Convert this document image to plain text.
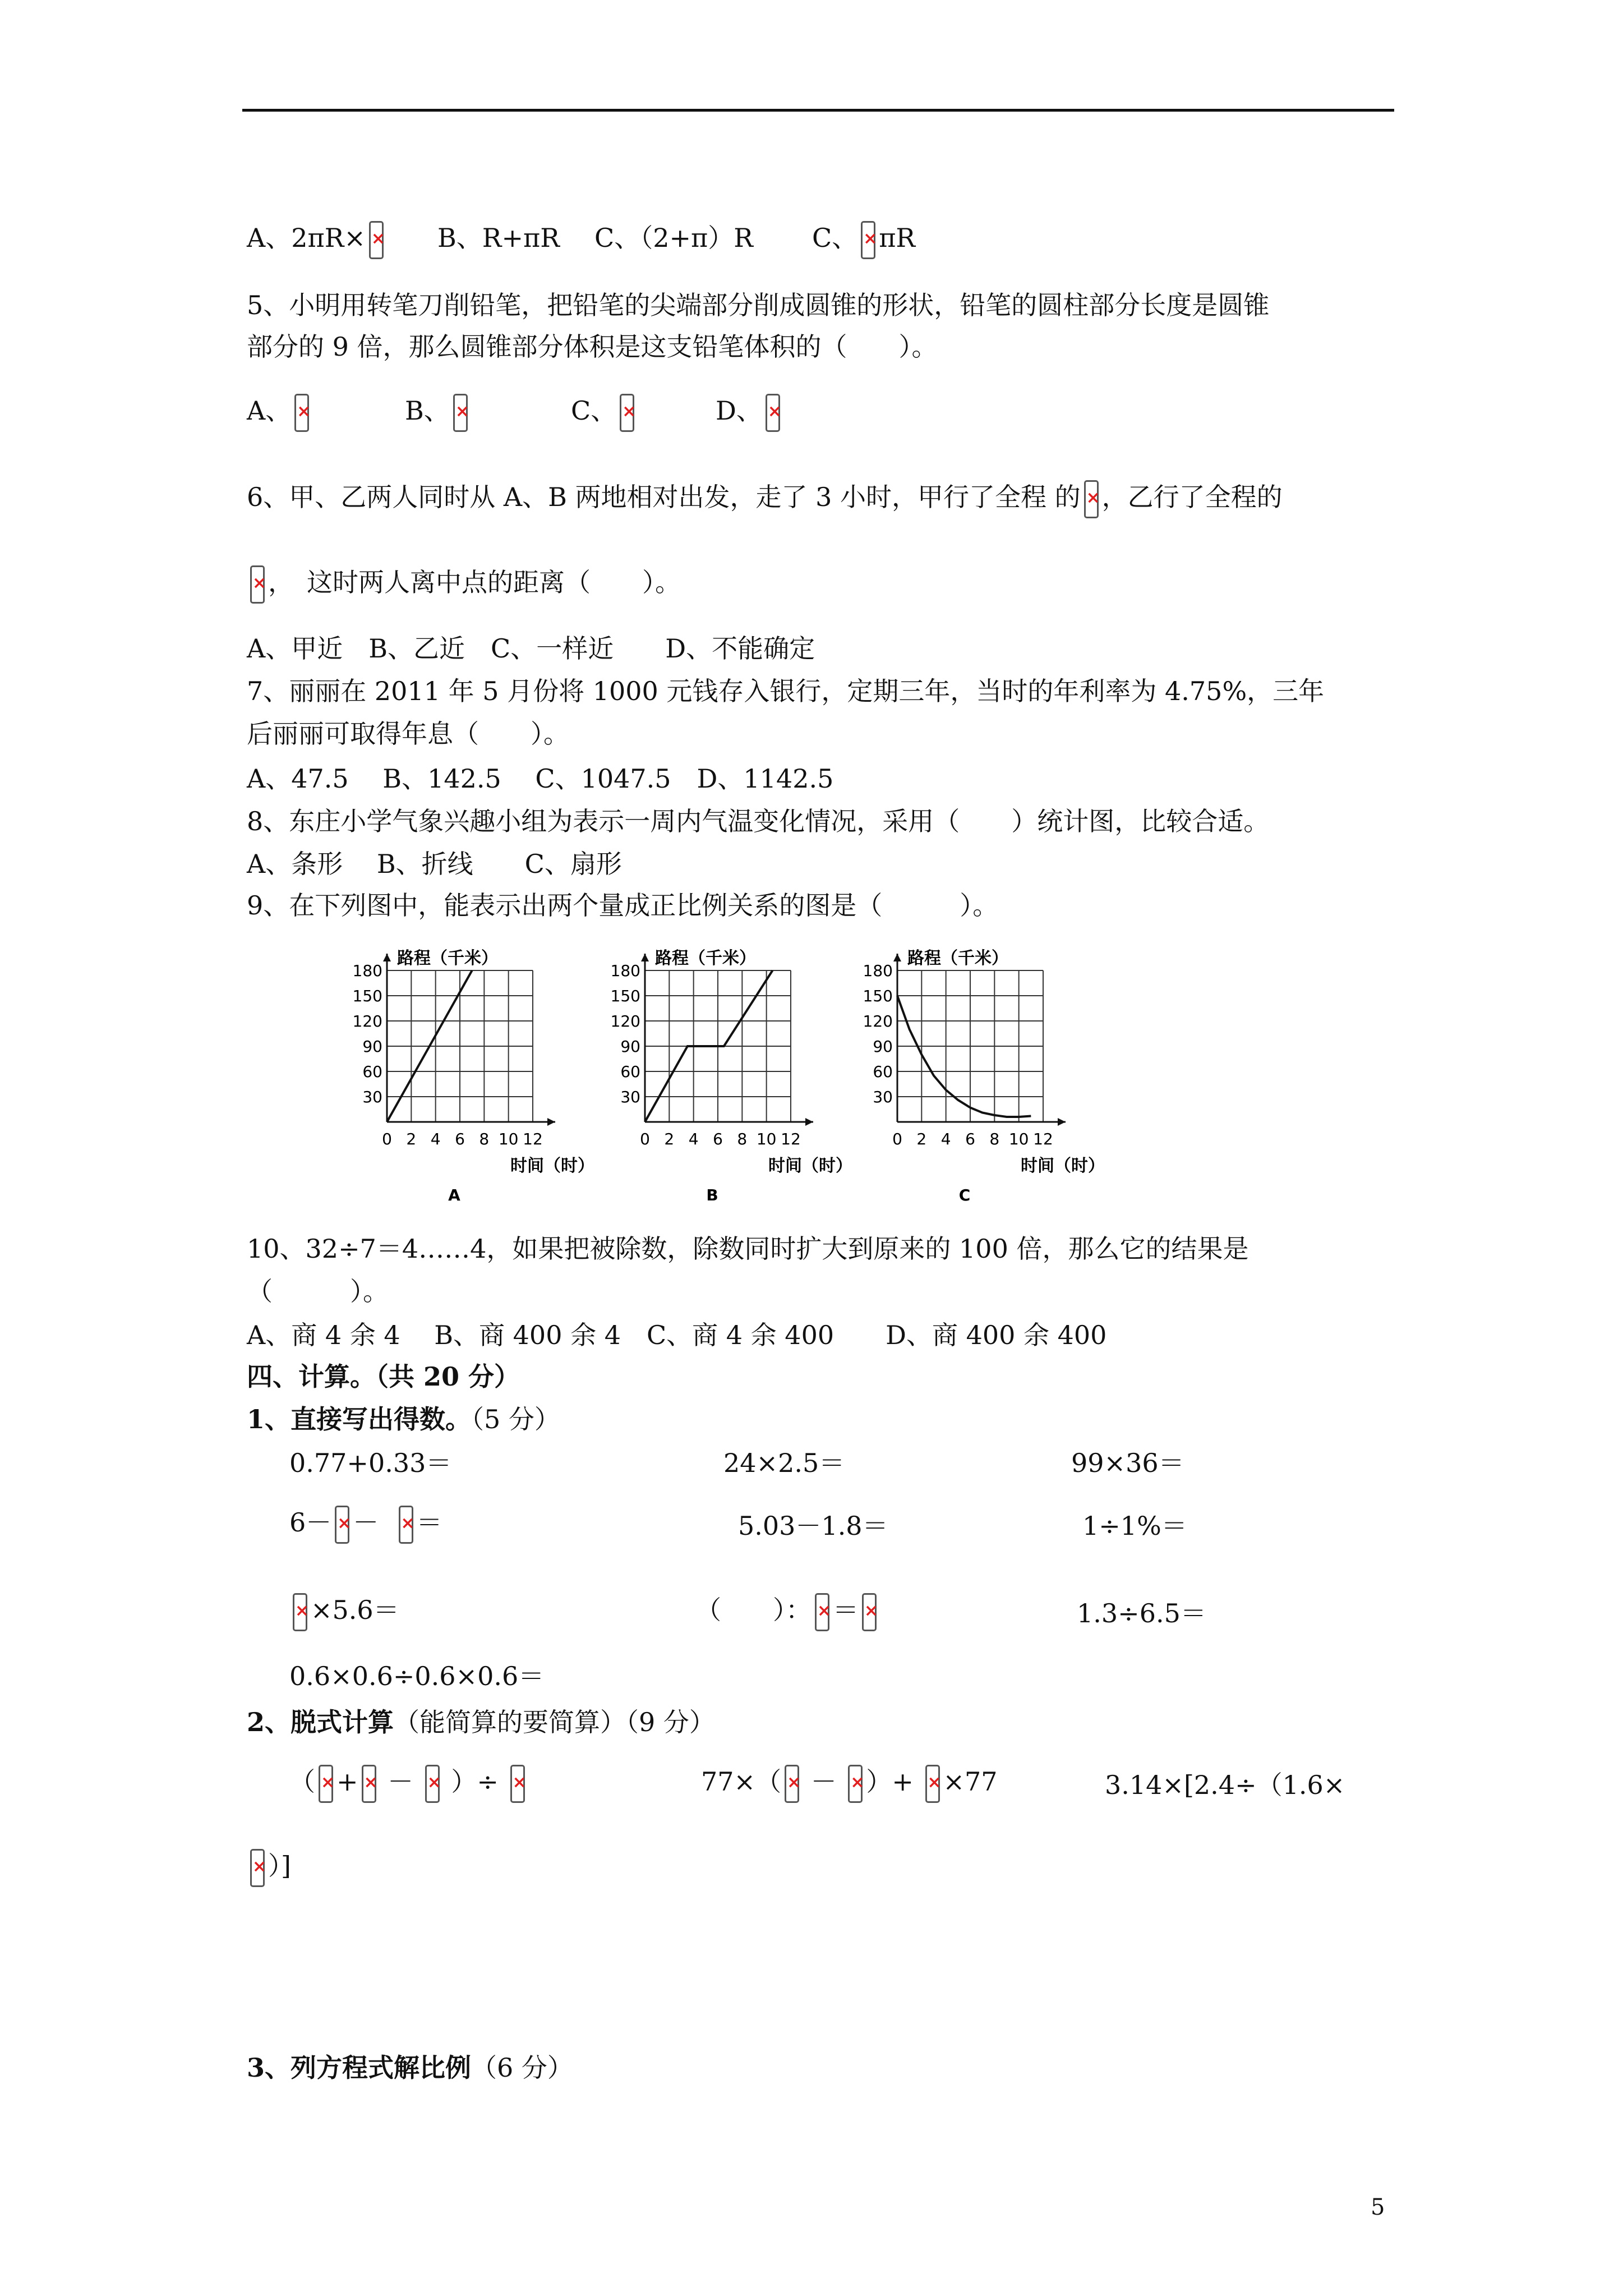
A、2πR× ×	B、R+πR C、（2+π）R C、 × πR
5、小明用转笔刀削铅笔，把铅笔的尖端部分削成圆锥的形状，铅笔的圆柱部分长度是圆锥
部分的 9 倍，那么圆锥部分体积是这支铅笔体积的（　　）。
A、 ×	B、 ×	C、 ×	D、×
6、甲、乙两人同时从 A、B 两地相对出发，走了 3 小时，甲行了全程 的 × ，乙行了全程的
×，　这时两人离中点的距离（　　）。
A、甲近　B、乙近　C、一样近　　D、不能确定
7、丽丽在 2011 年 5 月份将 1000 元钱存入银行，定期三年，当时的年利率为 4.75%，三年
后丽丽可取得年息（　　）。
A、47.5　 B、142.5　 C、1047.5　D、1142.5
8、东庄小学气象兴趣小组为表示一周内气温变化情况，采用（　　）统计图，比较合适。
A、条形　 B、折线　　C、扇形
9、在下列图中，能表示出两个量成正比例关系的图是（　　　）。
路程（千米）
30
60
90
120
150
180
0 2 4 6 8 10 12
时间（时）
A
路程（千米）
30
60
90
120
150
180
0 2 4 6 8 10 12
时间（时）
B
路程（千米）
30
60
90
120
150
180
0 2 4 6 8 10 12
时间（时）
C
10、32÷7＝4……4，如果把被除数，除数同时扩大到原来的 100 倍，那么它的结果是
（　　　）。
A、商 4 余 4　 B、商 400 余 4　C、商 4 余 400　　D、商 400 余 400
四、计算。（共 20 分）
1、直接写出得数。（5 分）
0.77+0.33＝	24×2.5＝	99×36＝
6－ × － × ＝	5.03－1.8＝	1÷1%＝
××5.6＝	（　　）： × ＝ ×	1.3÷6.5＝
0.6×0.6÷0.6×0.6＝
2、脱式计算（能简算的要简算）（9 分）
（ × + × － × ）÷ ×	77×（ × － × ）+ × ×77	3.14×[2.4÷（1.6×
×）]
3、列方程式解比例（6 分）
5
